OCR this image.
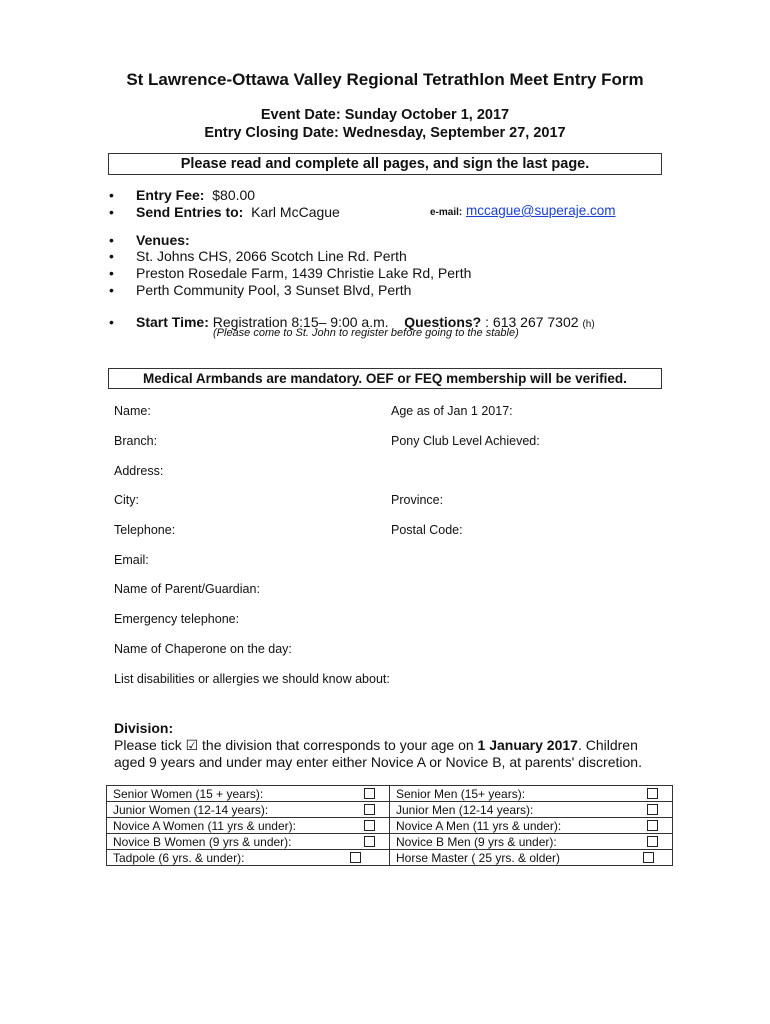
St Lawrence-Ottawa Valley Regional Tetrathlon Meet Entry Form
Event Date: Sunday October 1, 2017
Entry Closing Date: Wednesday, September 27, 2017
Please read and complete all pages, and sign the last page.
• Entry Fee: $80.00
• Send Entries to: Karl McCague
• Venues:
• St. Johns CHS, 2066 Scotch Line Rd. Perth
• Preston Rosedale Farm, 1439 Christie Lake Rd, Perth
• Perth Community Pool, 3 Sunset Blvd, Perth
• Start Time: Registration 8:15– 9:00 a.m. Questions? : 613 267 7302 (h)
e-mail: mccague@superaje.com
(Please come to St. John to register before going to the stable)
Medical Armbands are mandatory. OEF or FEQ membership will be verified.
Name:	Age as of Jan 1 2017:
Branch:	Pony Club Level Achieved:
Address:
City:	Province:
Telephone:	Postal Code:
Email:
Name of Parent/Guardian:
Emergency telephone:
Name of Chaperone on the day:
List disabilities or allergies we should know about:
Division:
Please tick ☑ the division that corresponds to your age on 1 January 2017. Children aged 9 years and under may enter either Novice A or Novice B, at parents' discretion.
Senior Women (15 + years):	Senior Men (15+ years):

Junior Women (12-14 years):	Junior Men (12-14 years):

Novice A Women (11 yrs & under):	Novice A Men (11 yrs & under):

Novice B Women (9 yrs & under):	Novice B Men (9 yrs & under):

Tadpole (6 yrs. & under):	Horse Master ( 25 yrs. & older)
